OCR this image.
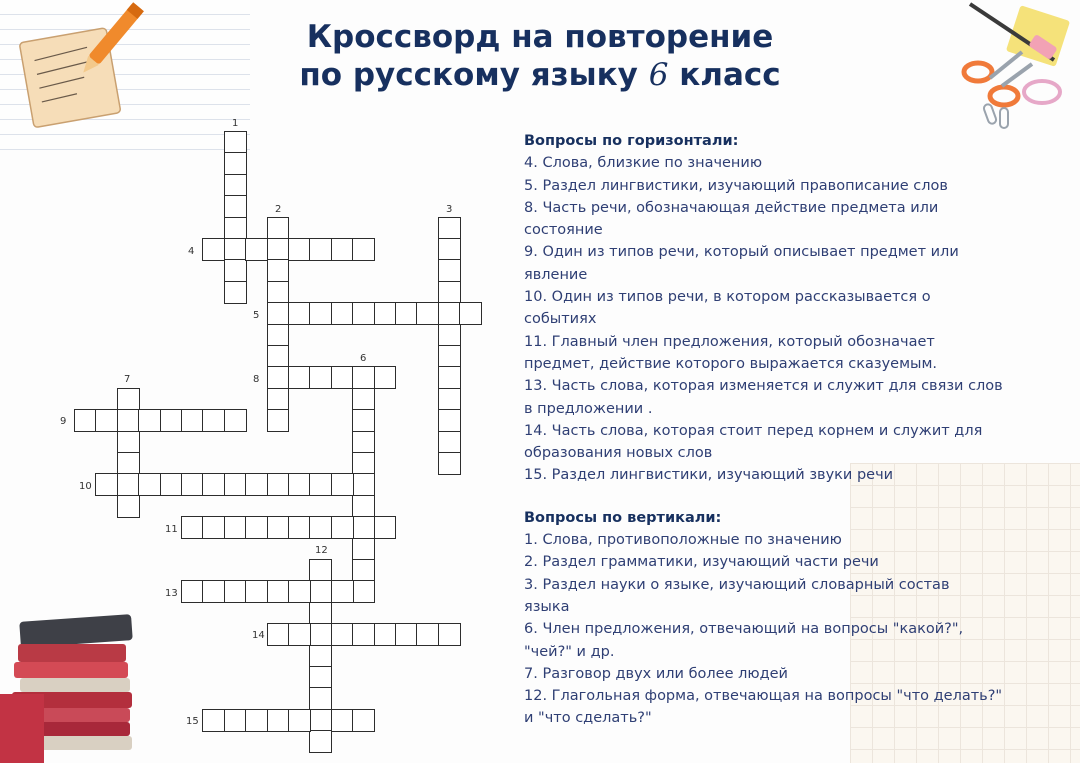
Кроссворд на повторение
по русскому языку 6 класс
1
2	3
4
5
6
7	8
9
10
11
12
13
14
15
Вопросы по горизонтали:
4. Слова, близкие по значению
5. Раздел лингвистики, изучающий правописание слов
8. Часть речи, обозначающая действие предмета или
состояние
9. Один из типов речи, который описывает предмет или
явление
10. Один из типов речи, в котором рассказывается о
событиях
11. Главный член предложения, который обозначает
предмет, действие которого выражается сказуемым.
13. Часть слова, которая изменяется и служит для связи слов
в предложении .
14. Часть слова, которая стоит перед корнем и служит для
образования новых слов
15. Раздел лингвистики, изучающий звуки речи
Вопросы по вертикали:
1. Слова, противоположные по значению
2. Раздел грамматики, изучающий части речи
3. Раздел науки о языке, изучающий словарный состав
языка
6. Член предложения, отвечающий на вопросы "какой?",
"чей?" и др.
7. Разговор двух или более людей
12. Глагольная форма, отвечающая на вопросы "что делать?"
и "что сделать?"
